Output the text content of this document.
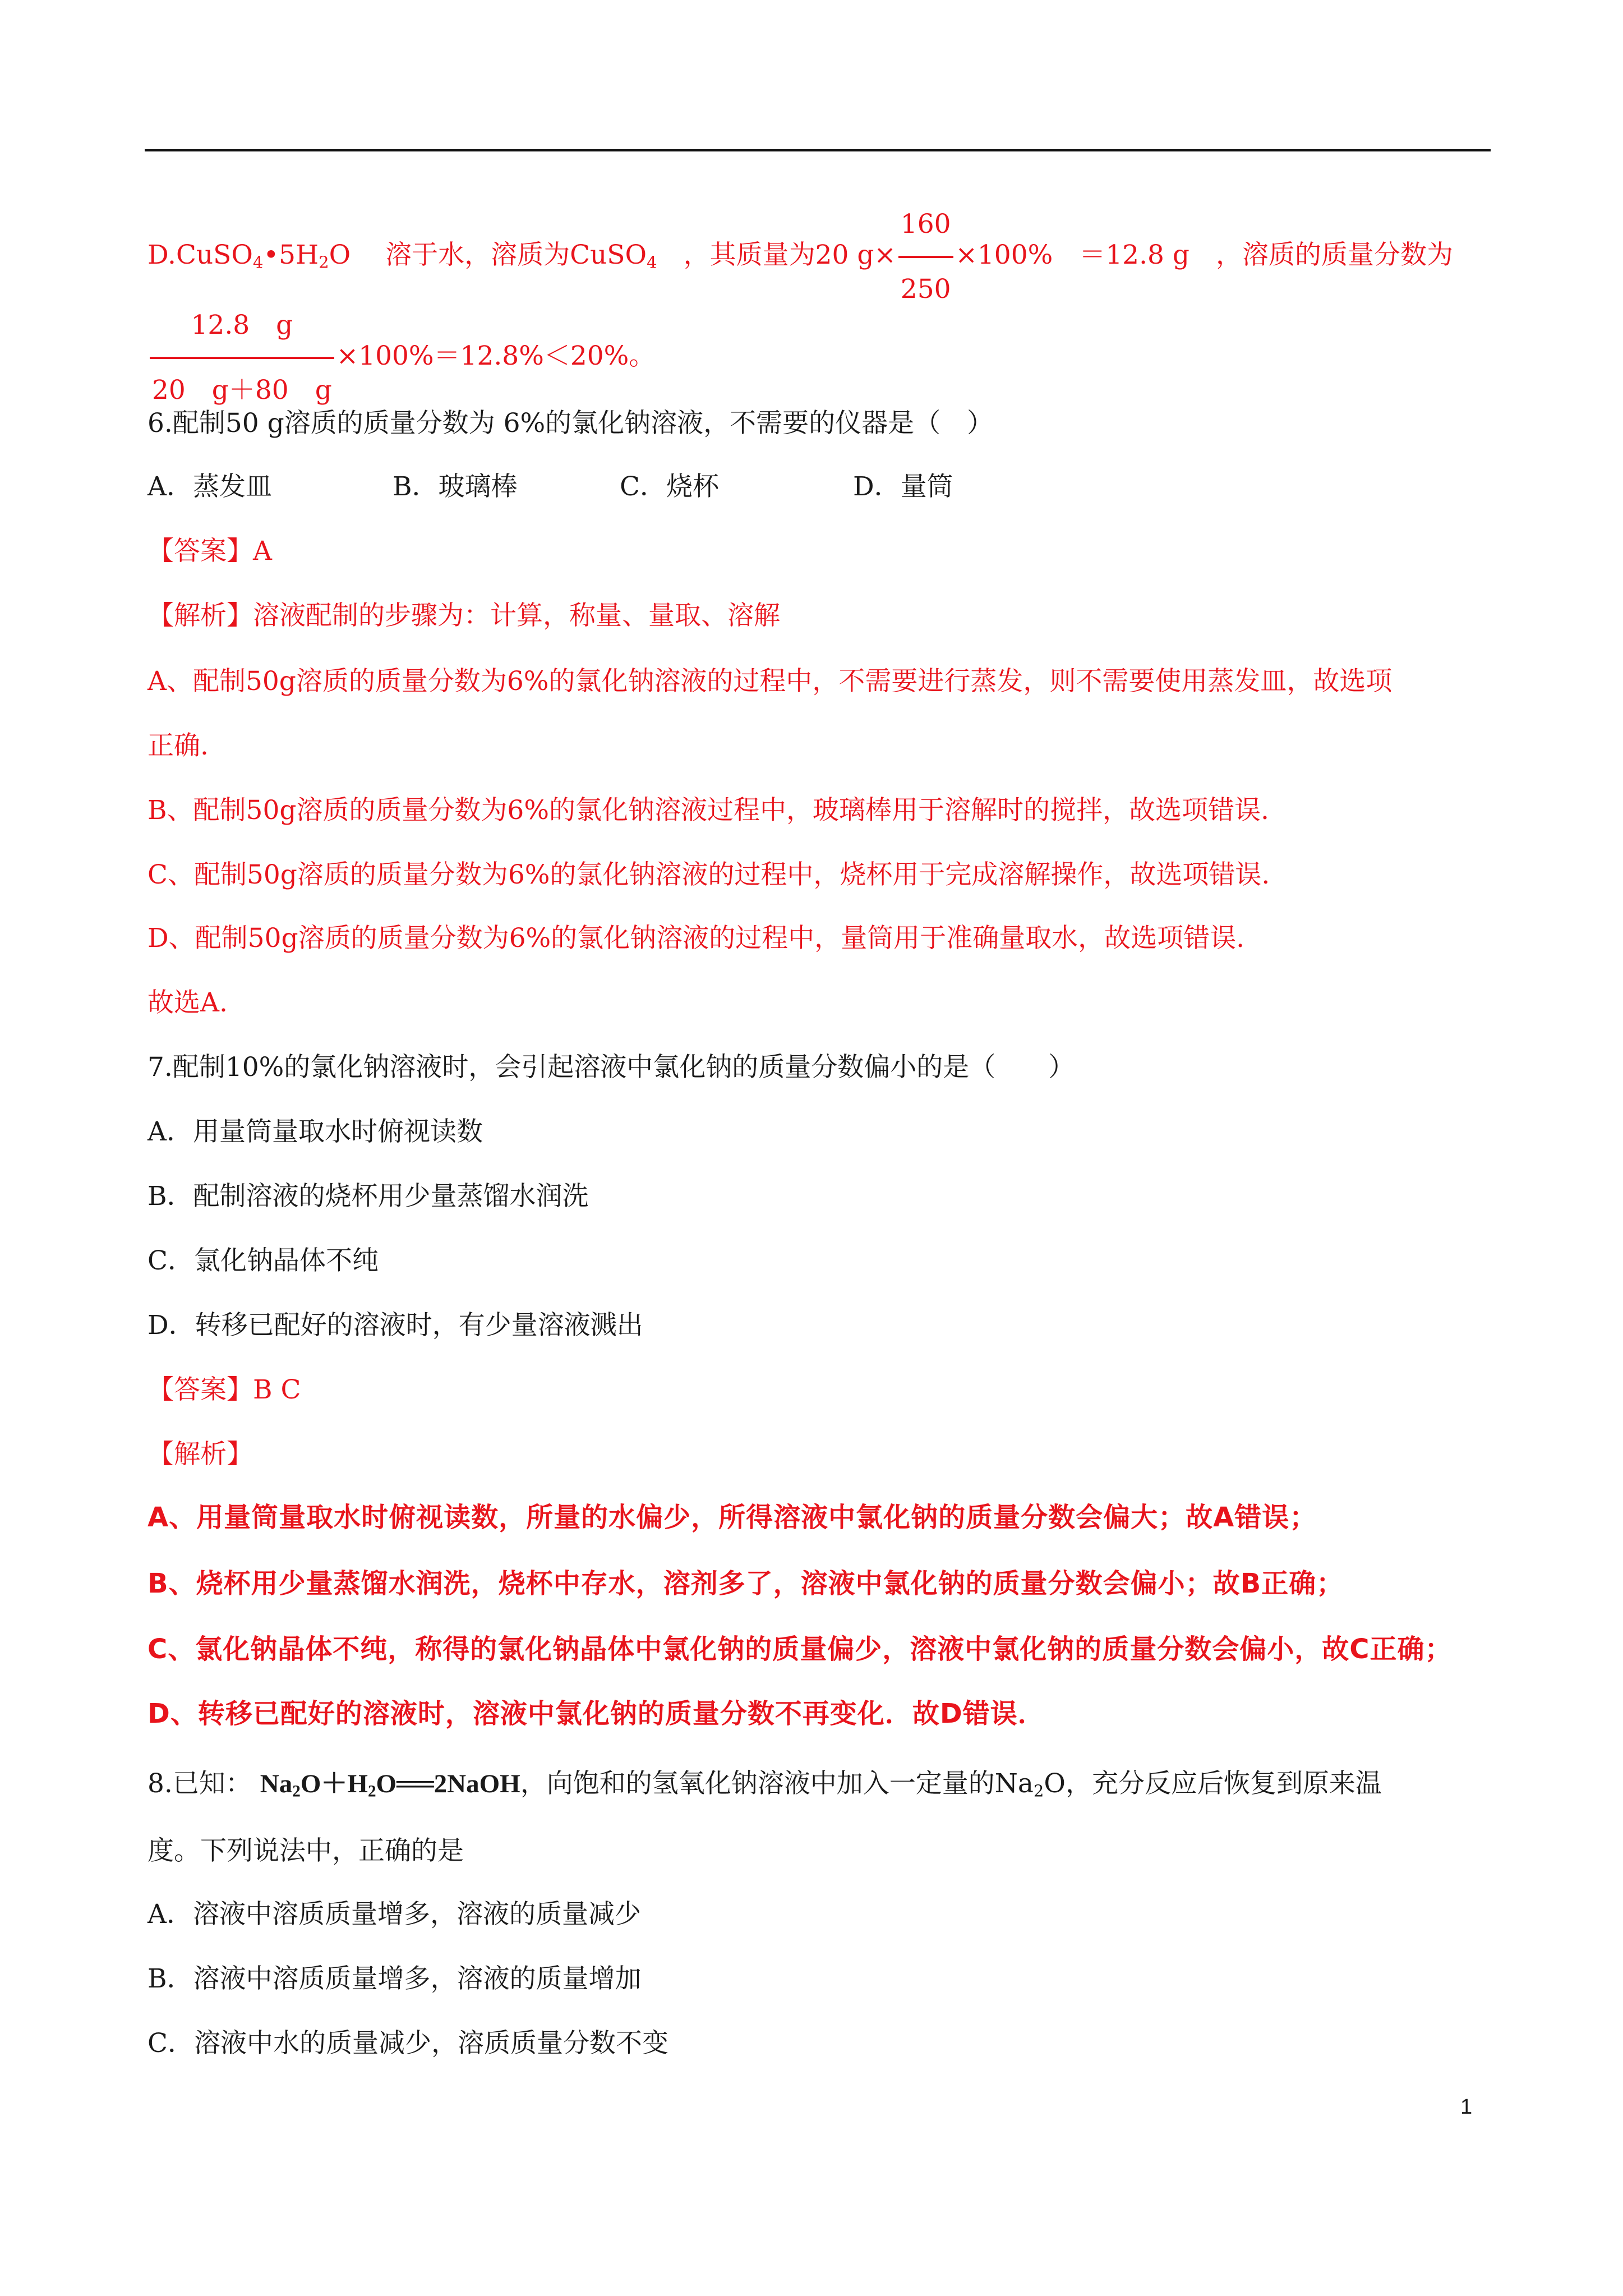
$D.CuSO_4•5H_2O$　 溶于水，溶质为CuSO$_4$　，其质量为20 $g\times \frac{160}{250} \times 100\%$　＝12.8 g　，溶质的质量分数为
$\frac{12.8 g}{20 g+80 g} \times 100\%=12.8\%<20\%$。
6.配制50 g溶质的质量分数为 6%的氯化钠溶液，不需要的仪器是（　）
A．蒸发皿	B．玻璃棒	C．烧杯	D．量筒
【答案】A
【解析】溶液配制的步骤为：计算，称量、量取、溶解
A、配制50g溶质的质量分数为6%的氯化钠溶液的过程中，不需要进行蒸发，则不需要使用蒸发皿，故选项
正确.
B、配制50g溶质的质量分数为6%的氯化钠溶液过程中，玻璃棒用于溶解时的搅拌，故选项错误.
C、配制50g溶质的质量分数为6%的氯化钠溶液的过程中，烧杯用于完成溶解操作，故选项错误.
D、配制50g溶质的质量分数为6%的氯化钠溶液的过程中，量筒用于准确量取水，故选项错误.
故选A.
7.配制10%的氯化钠溶液时，会引起溶液中氯化钠的质量分数偏小的是（　　）
A．用量筒量取水时俯视读数
B．配制溶液的烧杯用少量蒸馏水润洗
C．氯化钠晶体不纯
D．转移已配好的溶液时，有少量溶液溅出
【答案】B C
【解析】
A、用量筒量取水时俯视读数，所量的水偏少，所得溶液中氯化钠的质量分数会偏大；故A错误；
B、烧杯用少量蒸馏水润洗，烧杯中存水，溶剂多了，溶液中氯化钠的质量分数会偏小；故B正确；
C、氯化钠晶体不纯，称得的氯化钠晶体中氯化钠的质量偏少，溶液中氯化钠的质量分数会偏小，故C正确；
D、转移已配好的溶液时，溶液中氯化钠的质量分数不再变化．故D错误．
8.已知： $Na_2O+H_2O══2NaOH$，向饱和的氢氧化钠溶液中加入一定量的$Na_2O$，充分反应后恢复到原来温
度。下列说法中，正确的是
A．溶液中溶质质量增多，溶液的质量减少
B．溶液中溶质质量增多，溶液的质量增加
C．溶液中水的质量减少，溶质质量分数不变
1
